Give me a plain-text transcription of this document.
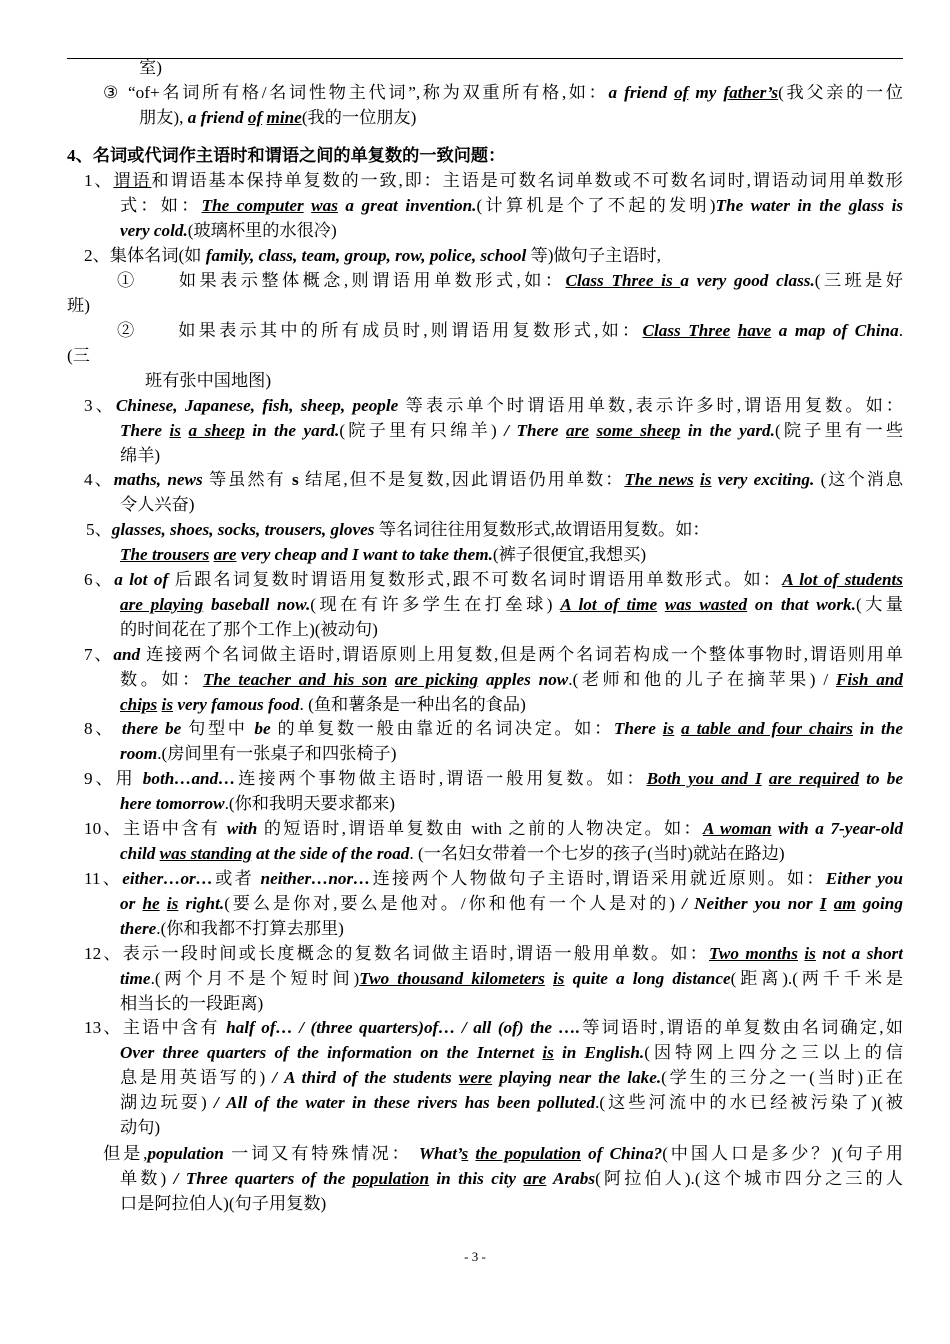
室)
③ “of+名词所有格/名词性物主代词”,称为双重所有格,如：a friend of my father’s(我父亲的一位
朋友), a friend of mine(我的一位朋友)
4、名词或代词作主语时和谓语之间的单复数的一致问题：
1、谓语和谓语基本保持单复数的一致,即：主语是可数名词单数或不可数名词时,谓语动词用单数形
式：如：The computer was a great invention.(计算机是个了不起的发明)The water in the glass is
very cold.(玻璃杯里的水很冷)
2、集体名词(如 family, class, team, group, row, police, school 等)做句子主语时,
①　　如果表示整体概念,则谓语用单数形式,如：Class Three is a very good class.(三班是好
班)
②　　如果表示其中的所有成员时,则谓语用复数形式,如：Class Three have a map of China.
(三
班有张中国地图)
3、Chinese, Japanese, fish, sheep, people 等表示单个时谓语用单数,表示许多时,谓语用复数。如：
There is a sheep in the yard.(院子里有只绵羊) / There are some sheep in the yard.(院子里有一些
绵羊)
4、maths, news 等虽然有 s 结尾,但不是复数,因此谓语仍用单数：The news is very exciting. (这个消息
令人兴奋)
5、glasses, shoes, socks, trousers, gloves 等名词往往用复数形式,故谓语用复数。如：
The trousers are very cheap and I want to take them.(裤子很便宜,我想买)
6、a lot of 后跟名词复数时谓语用复数形式,跟不可数名词时谓语用单数形式。如：A lot of students
are playing baseball now.(现在有许多学生在打垒球) A lot of time was wasted on that work.(大量
的时间花在了那个工作上)(被动句)
7、and 连接两个名词做主语时,谓语原则上用复数,但是两个名词若构成一个整体事物时,谓语则用单
数。如：The teacher and his son are picking apples now.(老师和他的儿子在摘苹果) / Fish and
chips is very famous food. (鱼和薯条是一种出名的食品)
8、 there be 句型中 be 的单复数一般由靠近的名词决定。如：There is a table and four chairs in the
room.(房间里有一张桌子和四张椅子)
9、用 both…and…连接两个事物做主语时,谓语一般用复数。如：Both you and I are required to be
here tomorrow.(你和我明天要求都来)
10、主语中含有 with 的短语时,谓语单复数由 with 之前的人物决定。如：A woman with a 7-year-old
child was standing at the side of the road. (一名妇女带着一个七岁的孩子(当时)就站在路边)
11、either…or…或者 neither…nor…连接两个人物做句子主语时,谓语采用就近原则。如：Either you
or he is right.(要么是你对,要么是他对。/你和他有一个人是对的) / Neither you nor I am going
there.(你和我都不打算去那里)
12、表示一段时间或长度概念的复数名词做主语时,谓语一般用单数。如：Two months is not a short
time.(两个月不是个短时间)Two thousand kilometers is quite a long distance(距离).(两千千米是
相当长的一段距离)
13、主语中含有 half of… / (three quarters)of… / all (of) the ….等词语时,谓语的单复数由名词确定,如
Over three quarters of the information on the Internet is in English.(因特网上四分之三以上的信
息是用英语写的) / A third of the students were playing near the lake.(学生的三分之一(当时)正在
湖边玩耍) / All of the water in these rivers has been polluted.(这些河流中的水已经被污染了)(被
动句)
但是,population 一词又有特殊情况： What’s the population of China?(中国人口是多少？)(句子用
单数) / Three quarters of the population in this city are Arabs(阿拉伯人).(这个城市四分之三的人
口是阿拉伯人)(句子用复数)
- 3 -
